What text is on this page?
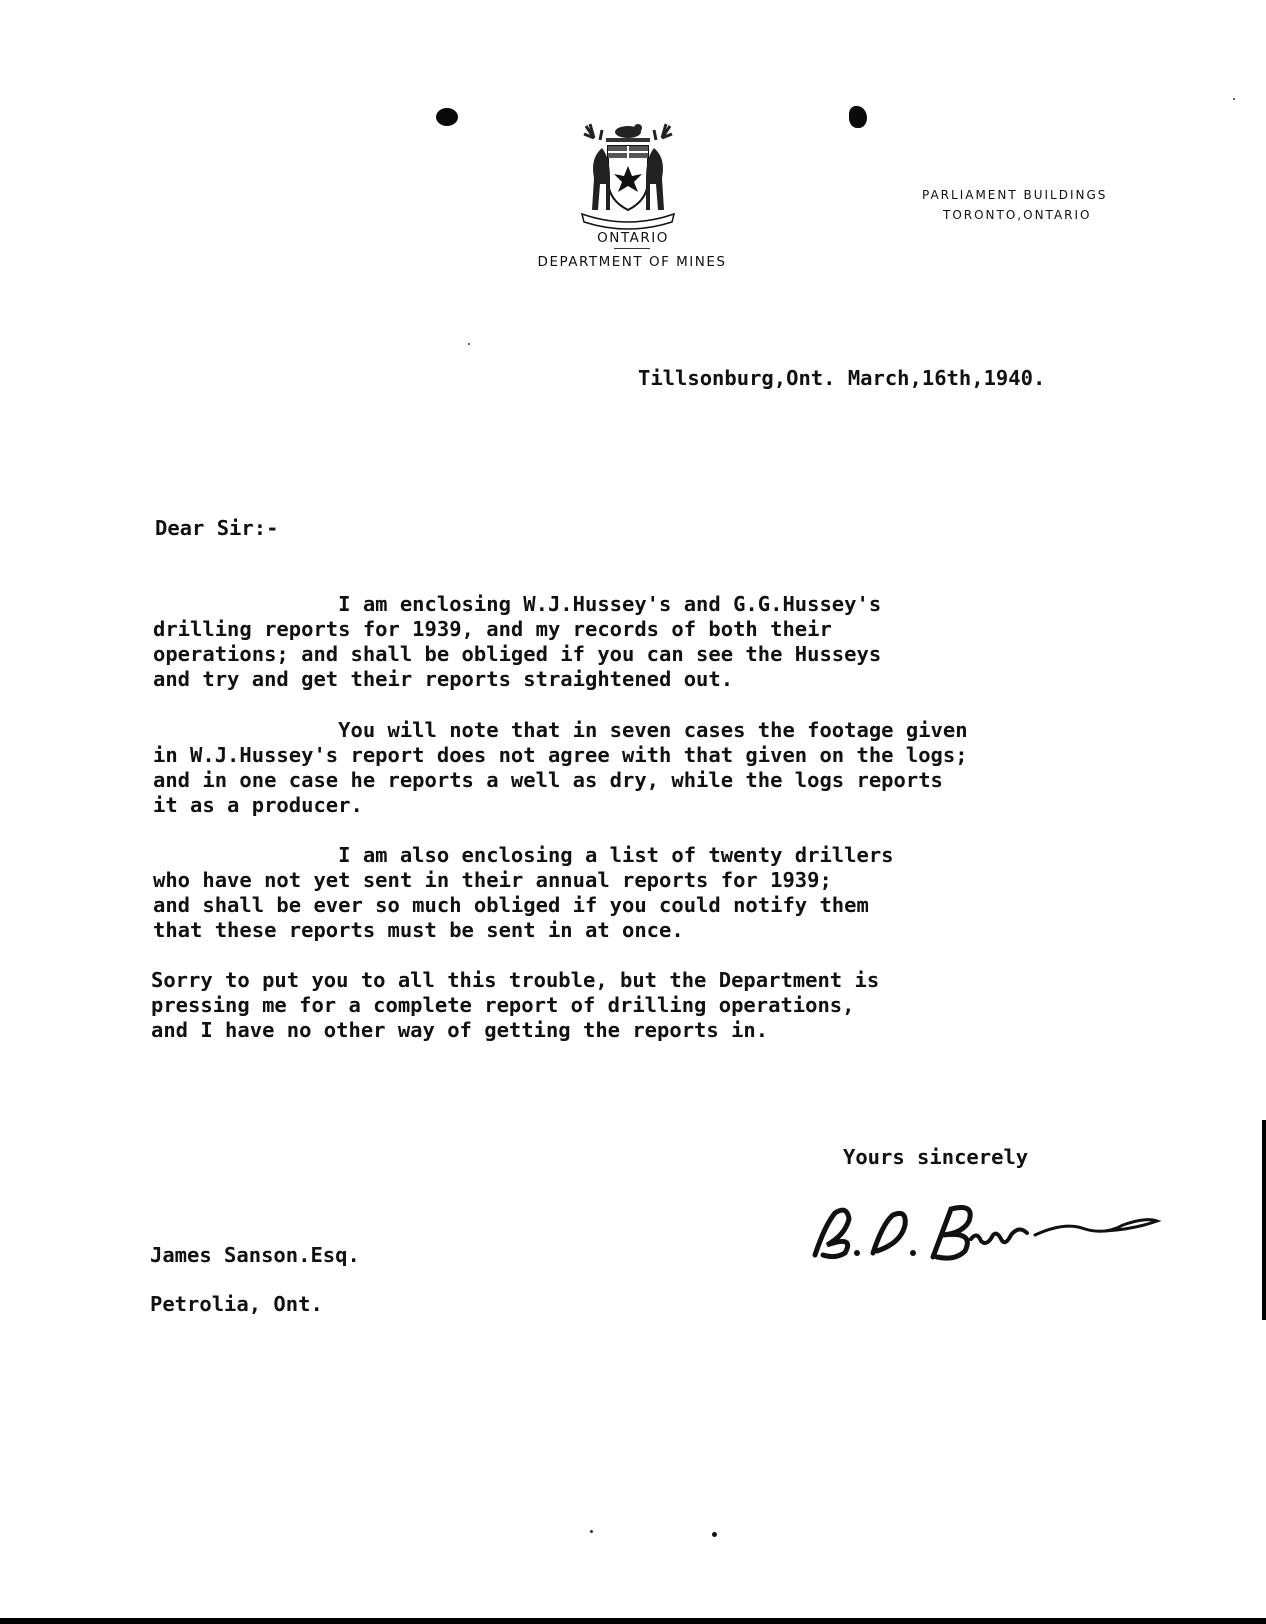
ONTARIO
DEPARTMENT OF MINES
PARLIAMENT BUILDINGS
TORONTO,ONTARIO

Tillsonburg,Ont. March,16th,1940.

Dear Sir:-

I am enclosing W.J.Hussey's and G.G.Hussey's
drilling reports for 1939, and my records of both their
operations; and shall be obliged if you can see the Husseys
and try and get their reports straightened out.

You will note that in seven cases the footage given
in W.J.Hussey's report does not agree with that given on the logs;
and in one case he reports a well as dry, while the logs reports
it as a producer.

I am also enclosing a list of twenty drillers
who have not yet sent in their annual reports for 1939;
and shall be ever so much obliged if you could notify them
that these reports must be sent in at once.

Sorry to put you to all this trouble, but the Department is
pressing me for a complete report of drilling operations,
and I have no other way of getting the reports in.

Yours sincerely

James Sanson.Esq.

Petrolia, Ont.
